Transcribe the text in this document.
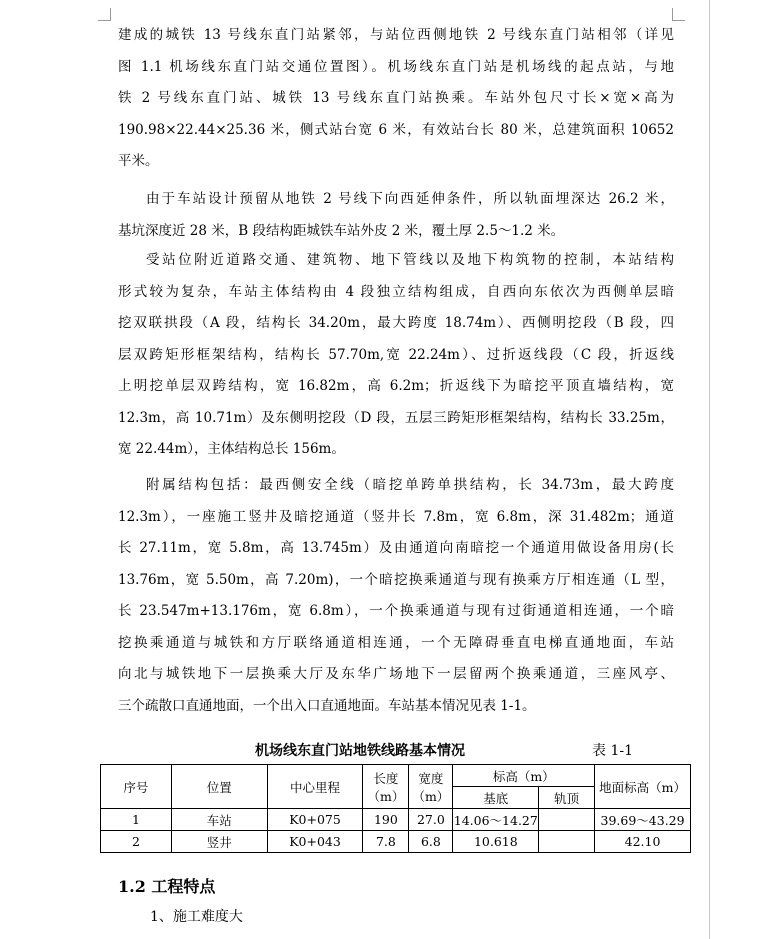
建成的城铁 13 号线东直门站紧邻，与站位西侧地铁 2 号线东直门站相邻（详见
图 1.1 机场线东直门站交通位置图）。机场线东直门站是机场线的起点站，与地
铁 2 号线东直门站、城铁 13 号线东直门站换乘。车站外包尺寸长×宽×高为
190.98×22.44×25.36 米，侧式站台宽 6 米，有效站台长 80 米，总建筑面积 10652
平米。
由于车站设计预留从地铁 2 号线下向西延伸条件，所以轨面埋深达 26.2 米，
基坑深度近 28 米，B 段结构距城铁车站外皮 2 米，覆土厚 2.5～1.2 米。
受站位附近道路交通、建筑物、地下管线以及地下构筑物的控制，本站结构
形式较为复杂，车站主体结构由 4 段独立结构组成，自西向东依次为西侧单层暗
挖双联拱段（A 段，结构长 34.20m，最大跨度 18.74m）、西侧明挖段（B 段，四
层双跨矩形框架结构，结构长 57.70m,宽 22.24m）、过折返线段（C 段，折返线
上明挖单层双跨结构，宽 16.82m，高 6.2m；折返线下为暗挖平顶直墙结构，宽
12.3m，高 10.71m）及东侧明挖段（D 段，五层三跨矩形框架结构，结构长 33.25m，
宽 22.44m），主体结构总长 156m。
附属结构包括：最西侧安全线（暗挖单跨单拱结构，长 34.73m，最大跨度
12.3m），一座施工竖井及暗挖通道（竖井长 7.8m，宽 6.8m，深 31.482m；通道
长 27.11m，宽 5.8m，高 13.745m）及由通道向南暗挖一个通道用做设备用房(长
13.76m，宽 5.50m，高 7.20m)，一个暗挖换乘通道与现有换乘方厅相连通（L 型，
长 23.547m+13.176m，宽 6.8m），一个换乘通道与现有过街通道相连通，一个暗
挖换乘通道与城铁和方厅联络通道相连通，一个无障碍垂直电梯直通地面，车站
向北与城铁地下一层换乘大厅及东华广场地下一层留两个换乘通道，三座风亭、
三个疏散口直通地面，一个出入口直通地面。车站基本情况见表 1-1。
机场线东直门站地铁线路基本情况	表 1-1
序号	位置	中心里程	长度（m）	宽度（m）	标高（m）		地面标高（m）
					基底	轨顶	
1	车站	K0+075	190	27.0	14.06～14.27		39.69～43.29
2	竖井	K0+043	7.8	6.8	10.618		42.10
1.2 工程特点
1、施工难度大
